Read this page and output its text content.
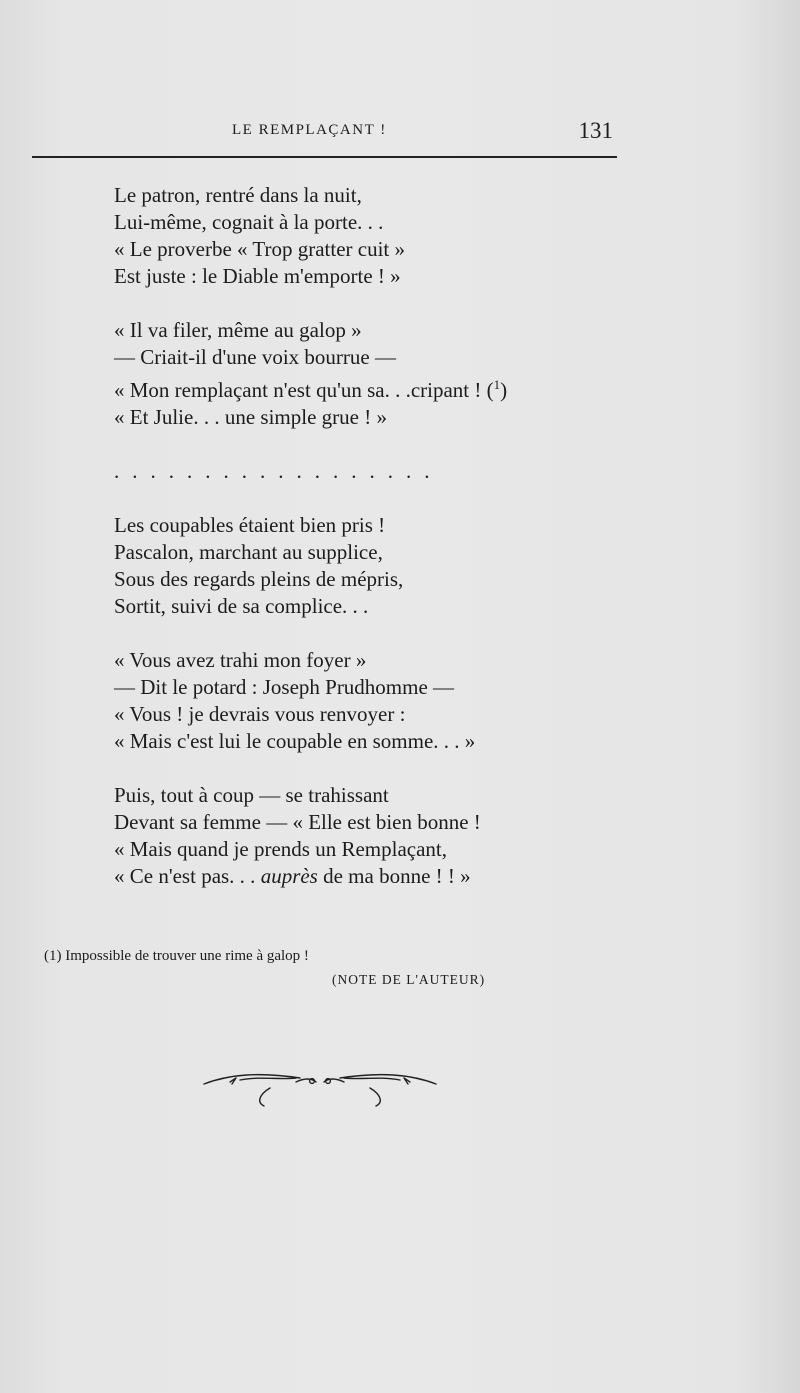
LE REMPLAÇANT !	131
Le patron, rentré dans la nuit,
Lui-même, cognait à la porte. . .
« Le proverbe « Trop gratter cuit »
Est juste : le Diable m'emporte ! »
« Il va filer, même au galop »
— Criait-il d'une voix bourrue —
« Mon remplaçant n'est qu'un sa. . .cripant ! ($^1$)
« Et Julie. . . une simple grue ! »
..................
Les coupables étaient bien pris !
Pascalon, marchant au supplice,
Sous des regards pleins de mépris,
Sortit, suivi de sa complice. . .
« Vous avez trahi mon foyer »
— Dit le potard : Joseph Prudhomme —
« Vous ! je devrais vous renvoyer :
« Mais c'est lui le coupable en somme. . . »
Puis, tout à coup — se trahissant
Devant sa femme — « Elle est bien bonne !
« Mais quand je prends un Remplaçant,
« Ce n'est pas. . . auprès de ma bonne ! ! »
(1) Impossible de trouver une rime à galop !
(NOTE DE L'AUTEUR)
